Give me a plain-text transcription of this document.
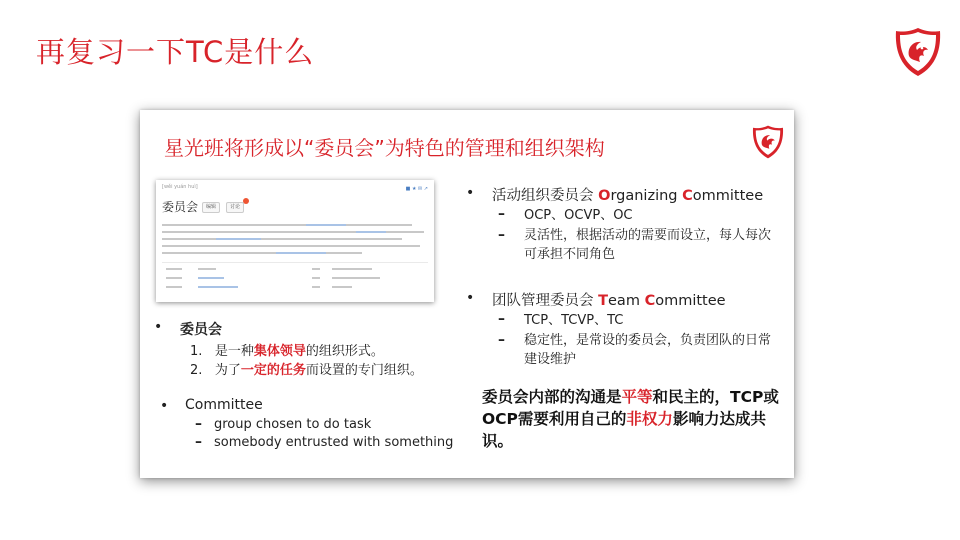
再复习一下TC是什么
星光班将形成以“委员会”为特色的管理和组织架构
[wěi yuán huì]
委员会	编辑	讨论
■ ★ ✉ ↗
• 委员会
1. 是一种集体领导的组织形式。
2. 为了一定的任务而设置的专门组织。
• Committee
– group chosen to do task
– somebody entrusted with something
• 活动组织委员会 Organizing Committee
– OCP、OCVP、OC
– 灵活性，根据活动的需要而设立，每人每次可承担不同角色
• 团队管理委员会 Team Committee
– TCP、TCVP、TC
– 稳定性，是常设的委员会，负责团队的日常建设维护
委员会内部的沟通是平等和民主的，TCP或OCP需要利用自己的非权力影响力达成共识。
